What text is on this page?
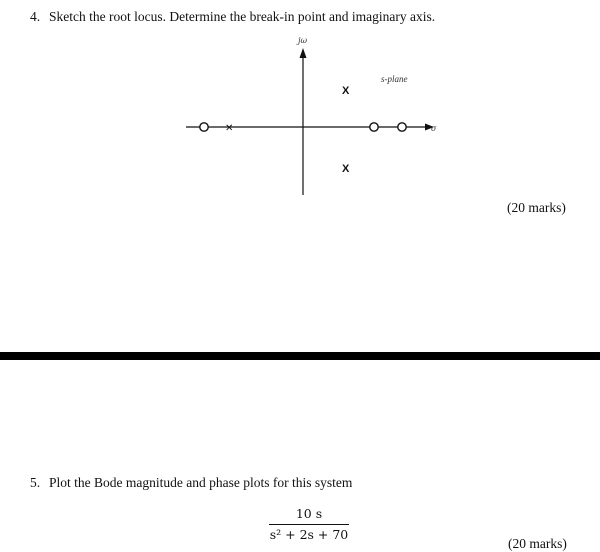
4. Sketch the root locus. Determine the break-in point and imaginary axis.
jω
σ
s-plane
X
X
✕
(20 marks)
5. Plot the Bode magnitude and phase plots for this system
10 s
s² + 2s + 70
(20 marks)
